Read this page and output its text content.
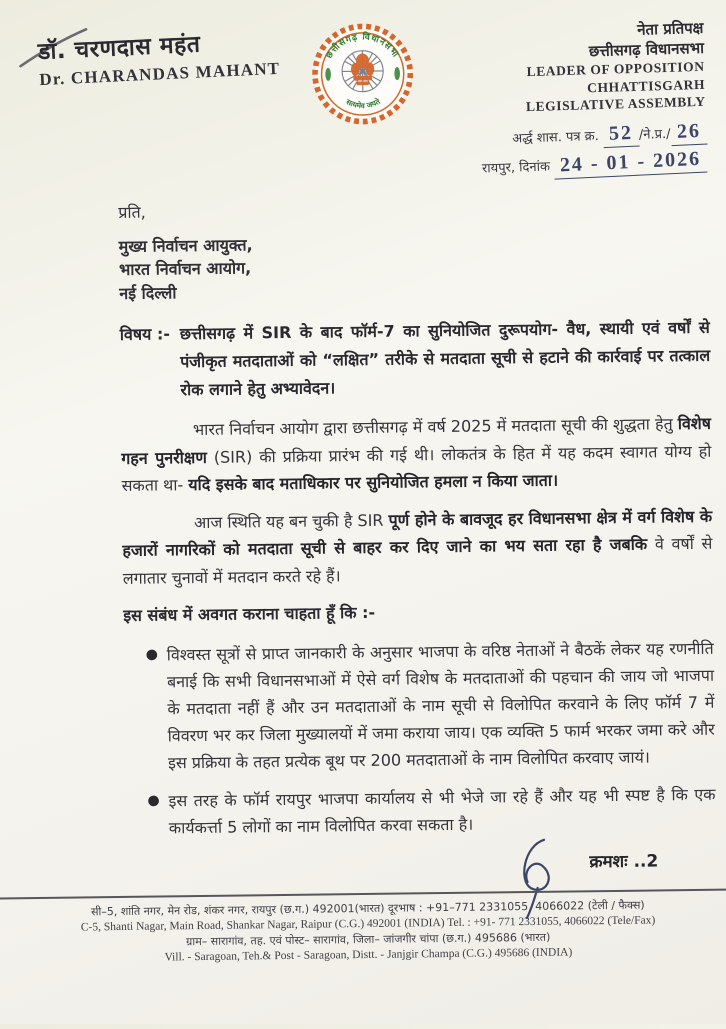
डॉ. चरणदास महंत
Dr. CHARANDAS MAHANT
छत्तीसगढ़ विधानसभा
सत्यमेव जयते
नेता प्रतिपक्ष
छत्तीसगढ़ विधानसभा
LEADER OF OPPOSITION
CHHATTISGARH
LEGISLATIVE ASSEMBLY
अर्द्ध शास. पत्र क्र. 52 /ने.प्र./ 26
रायपुर, दिनांक 24 - 01 - 2026
प्रति,
मुख्य निर्वाचन आयुक्त,
भारत निर्वाचन आयोग,
नई दिल्ली
विषय :- छत्तीसगढ़ में SIR के बाद फॉर्म-7 का सुनियोजित दुरूपयोग- वैध, स्थायी एवं वर्षों से पंजीकृत मतदाताओं को “लक्षित” तरीके से मतदाता सूची से हटाने की कार्रवाई पर तत्काल रोक लगाने हेतु अभ्यावेदन।
भारत निर्वाचन आयोग द्वारा छत्तीसगढ़ में वर्ष 2025 में मतदाता सूची की शुद्धता हेतु विशेष गहन पुनरीक्षण (SIR) की प्रक्रिया प्रारंभ की गई थी। लोकतंत्र के हित में यह कदम स्वागत योग्य हो सकता था- यदि इसके बाद मताधिकार पर सुनियोजित हमला न किया जाता।
आज स्थिति यह बन चुकी है SIR पूर्ण होने के बावजूद हर विधानसभा क्षेत्र में वर्ग विशेष के हजारों नागरिकों को मतदाता सूची से बाहर कर दिए जाने का भय सता रहा है जबकि वे वर्षों से लगातार चुनावों में मतदान करते रहे हैं।
इस संबंध में अवगत कराना चाहता हूँ कि :-
● विश्वस्त सूत्रों से प्राप्त जानकारी के अनुसार भाजपा के वरिष्ठ नेताओं ने बैठकें लेकर यह रणनीति बनाई कि सभी विधानसभाओं में ऐसे वर्ग विशेष के मतदाताओं की पहचान की जाय जो भाजपा के मतदाता नहीं हैं और उन मतदाताओं के नाम सूची से विलोपित करवाने के लिए फॉर्म 7 में विवरण भर कर जिला मुख्यालयों में जमा कराया जाय। एक व्यक्ति 5 फार्म भरकर जमा करे और इस प्रक्रिया के तहत प्रत्येक बूथ पर 200 मतदाताओं के नाम विलोपित करवाए जायं।
● इस तरह के फॉर्म रायपुर भाजपा कार्यालय से भी भेजे जा रहे हैं और यह भी स्पष्ट है कि एक कार्यकर्त्ता 5 लोगों का नाम विलोपित करवा सकता है।
क्रमशः ..2
सी–5, शांति नगर, मेन रोड, शंकर नगर, रायपुर (छ.ग.) 492001(भारत) दूरभाष : +91–771 2331055, 4066022 (टेली / फैक्स)
C-5, Shanti Nagar, Main Road, Shankar Nagar, Raipur (C.G.) 492001 (INDIA) Tel. : +91- 771 2331055, 4066022 (Tele/Fax)
ग्राम– सारागांव, तह. एवं पोस्ट– सारागांव, जिला– जांजगीर चांपा (छ.ग.) 495686 (भारत)
Vill. - Saragoan, Teh.& Post - Saragoan, Distt. - Janjgir Champa (C.G.) 495686 (INDIA)
